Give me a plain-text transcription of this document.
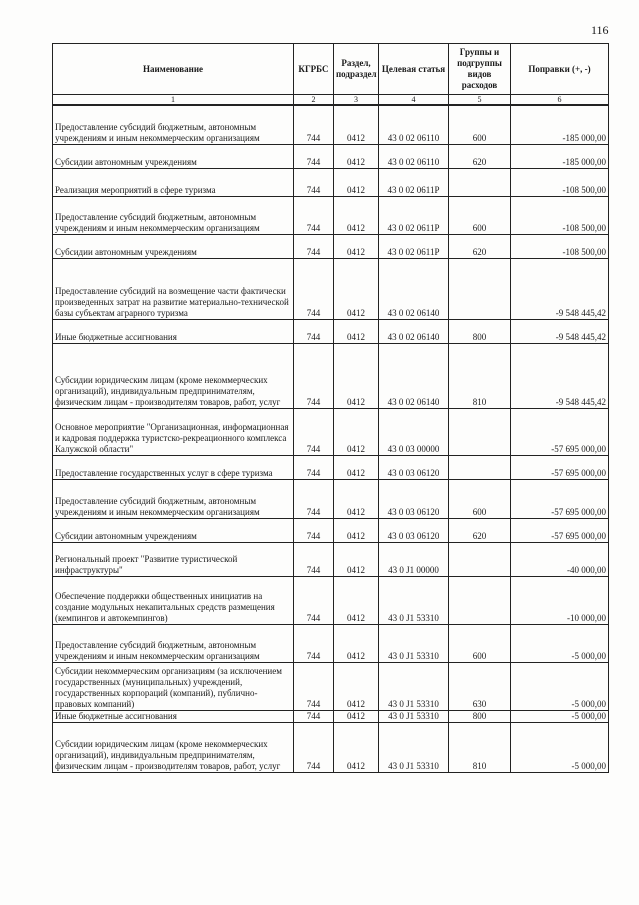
116
Наименование	КГРБС	Раздел, подраздел	Целевая статья	Группы и подгруппы видов расходов	Поправки (+, -)
1	2	3	4	5	6
Предоставление субсидий бюджетным, автономным учреждениям и иным некоммерческим организациям	744	0412	43 0 02 06110	600	-185 000,00
Субсидии автономным учреждениям	744	0412	43 0 02 06110	620	-185 000,00
Реализация мероприятий в сфере туризма	744	0412	43 0 02 0611P		-108 500,00
Предоставление субсидий бюджетным, автономным учреждениям и иным некоммерческим организациям	744	0412	43 0 02 0611P	600	-108 500,00
Субсидии автономным учреждениям	744	0412	43 0 02 0611P	620	-108 500,00
Предоставление субсидий на возмещение части фактически произведенных затрат на развитие материально-технической базы субъектам аграрного туризма	744	0412	43 0 02 06140		-9 548 445,42
Иные бюджетные ассигнования	744	0412	43 0 02 06140	800	-9 548 445,42
Субсидии юридическим лицам (кроме некоммерческих организаций), индивидуальным предпринимателям, физическим лицам - производителям товаров, работ, услуг	744	0412	43 0 02 06140	810	-9 548 445,42
Основное мероприятие "Организационная, информационная и кадровая поддержка туристско-рекреационного комплекса Калужской области"	744	0412	43 0 03 00000		-57 695 000,00
Предоставление государственных услуг в сфере туризма	744	0412	43 0 03 06120		-57 695 000,00
Предоставление субсидий бюджетным, автономным учреждениям и иным некоммерческим организациям	744	0412	43 0 03 06120	600	-57 695 000,00
Субсидии автономным учреждениям	744	0412	43 0 03 06120	620	-57 695 000,00
Региональный проект "Развитие туристической инфраструктуры"	744	0412	43 0 J1 00000		-40 000,00
Обеспечение поддержки общественных инициатив на создание модульных некапитальных средств размещения (кемпингов и автокемпингов)	744	0412	43 0 J1 53310		-10 000,00
Предоставление субсидий бюджетным, автономным учреждениям и иным некоммерческим организациям	744	0412	43 0 J1 53310	600	-5 000,00
Субсидии некоммерческим организациям (за исключением государственных (муниципальных) учреждений, государственных корпораций (компаний), публично-правовых компаний)	744	0412	43 0 J1 53310	630	-5 000,00
Иные бюджетные ассигнования	744	0412	43 0 J1 53310	800	-5 000,00
Субсидии юридическим лицам (кроме некоммерческих организаций), индивидуальным предпринимателям, физическим лицам - производителям товаров, работ, услуг	744	0412	43 0 J1 53310	810	-5 000,00
